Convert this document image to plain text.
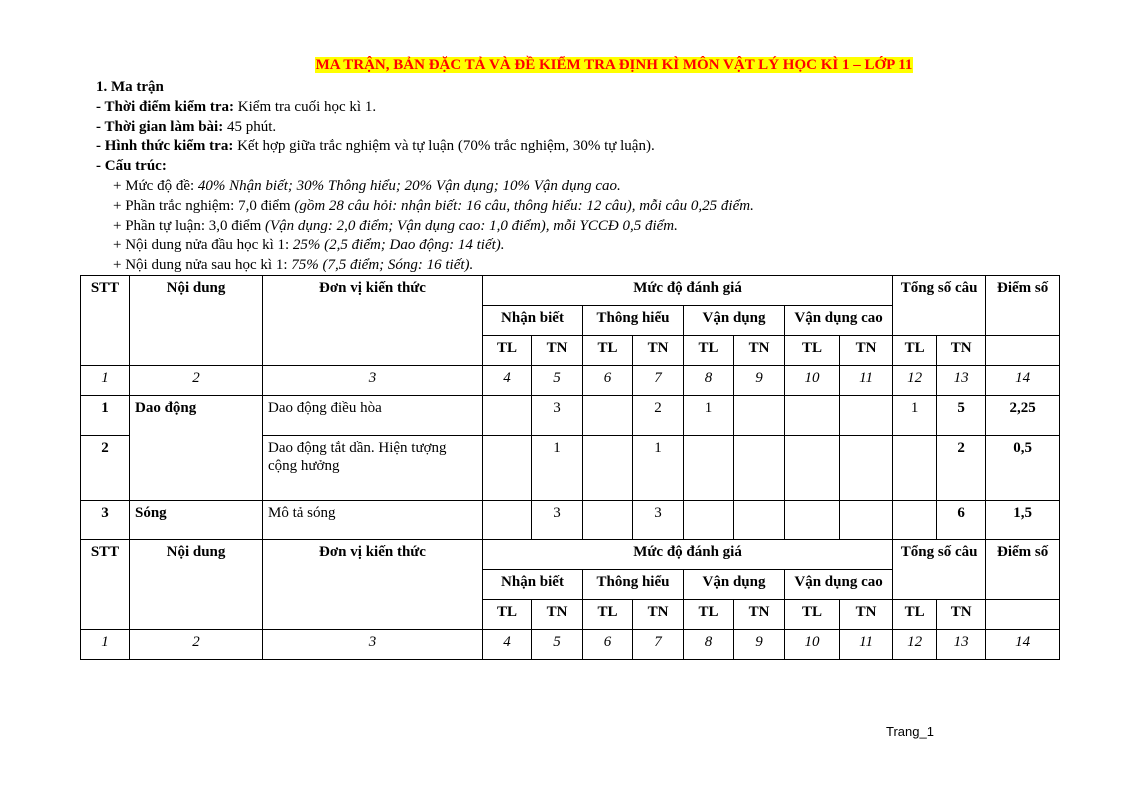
MA TRẬN, BẢN ĐẶC TẢ VÀ ĐỀ KIỂM TRA ĐỊNH KÌ MÔN VẬT LÝ HỌC KÌ 1 – LỚP 11
1. Ma trận
- Thời điểm kiểm tra: Kiểm tra cuối học kì 1.
- Thời gian làm bài: 45 phút.
- Hình thức kiểm tra: Kết hợp giữa trắc nghiệm và tự luận (70% trắc nghiệm, 30% tự luận).
- Cấu trúc:
+ Mức độ đề: 40% Nhận biết; 30% Thông hiểu; 20% Vận dụng; 10% Vận dụng cao.
+ Phần trắc nghiệm: 7,0 điểm (gồm 28 câu hỏi: nhận biết: 16 câu, thông hiểu: 12 câu), mỗi câu 0,25 điểm.
+ Phần tự luận: 3,0 điểm (Vận dụng: 2,0 điểm; Vận dụng cao: 1,0 điểm), mỗi YCCĐ 0,5 điểm.
+ Nội dung nửa đầu học kì 1: 25% (2,5 điểm; Dao động: 14 tiết).
+ Nội dung nửa sau học kì 1: 75% (7,5 điểm; Sóng: 16 tiết).
STT	Nội dung	Đơn vị kiến thức	Mức độ đánh giá								Tổng số câu		Điểm số
			Nhận biết		Thông hiểu		Vận dụng		Vận dụng cao				
			TL	TN	TL	TN	TL	TN	TL	TN	TL	TN	
1	2	3	4	5	6	7	8	9	10	11	12	13	14
1	Dao động	Dao động điều hòa		3		2	1				1	5	2,25
2		Dao động tắt dần. Hiện tượng cộng hưởng		1		1						2	0,5
3	Sóng	Mô tả sóng		3		3						6	1,5
STT	Nội dung	Đơn vị kiến thức	Mức độ đánh giá								Tổng số câu		Điểm số
			Nhận biết		Thông hiểu		Vận dụng		Vận dụng cao				
			TL	TN	TL	TN	TL	TN	TL	TN	TL	TN	
1	2	3	4	5	6	7	8	9	10	11	12	13	14
Trang_1
